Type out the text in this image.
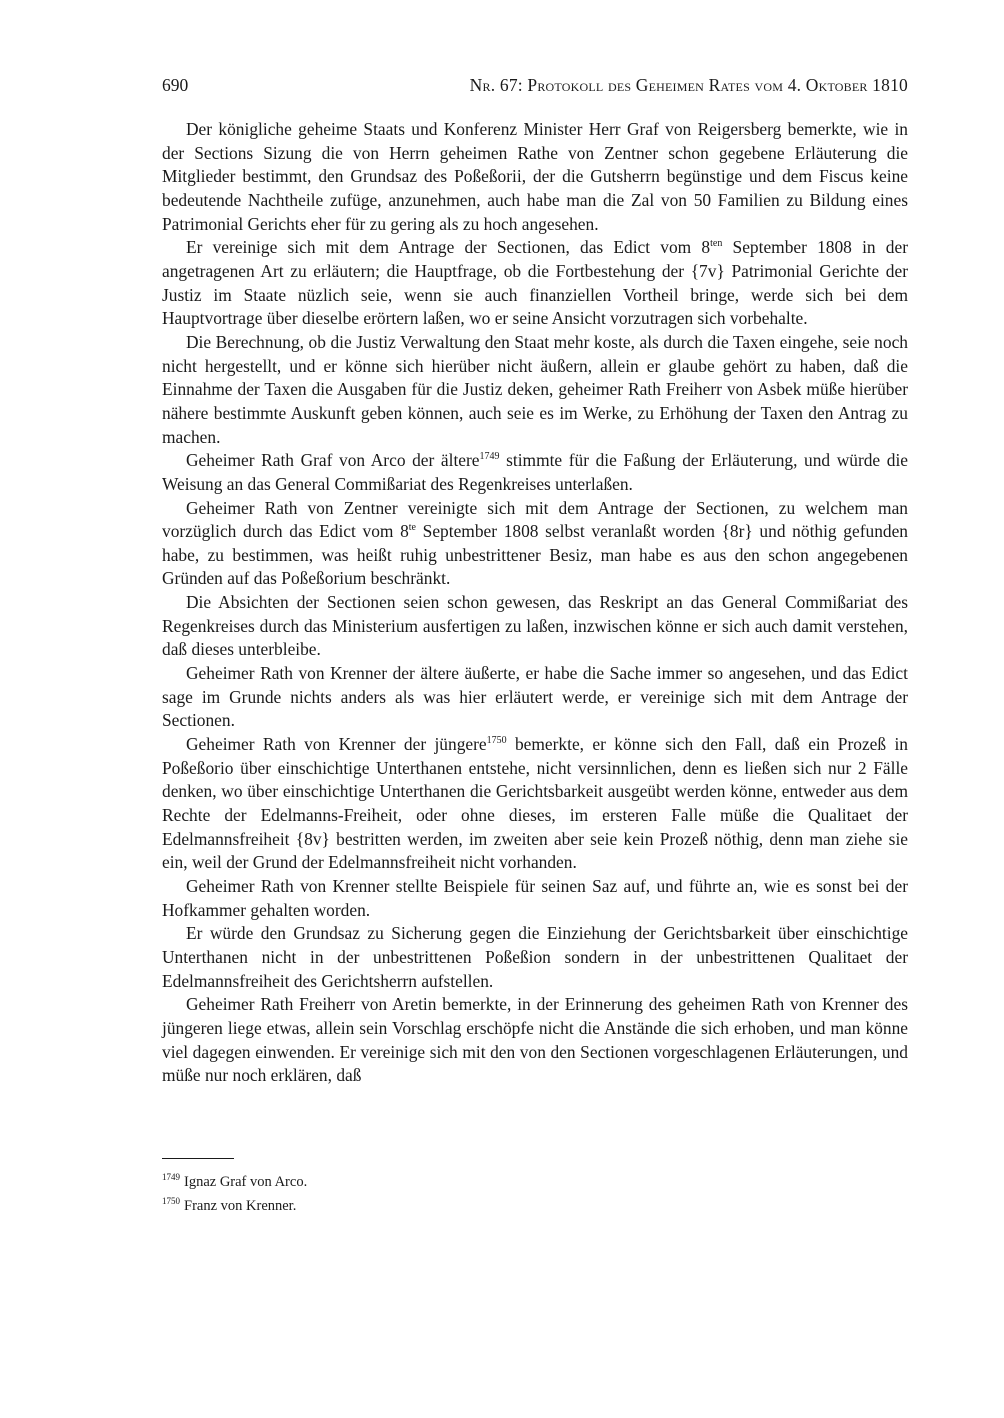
690	Nr. 67: Protokoll des Geheimen Rates vom 4. Oktober 1810

Der königliche geheime Staats und Konferenz Minister Herr Graf von Reigersberg bemerkte, wie in der Sections Sizung die von Herrn geheimen Rathe von Zentner schon gegebene Erläuterung die Mitglieder bestimmt, den Grundsaz des Poßeßorii, der die Gutsherrn begünstige und dem Fiscus keine bedeutende Nachtheile zufüge, anzunehmen, auch habe man die Zal von 50 Familien zu Bildung eines Patrimonial Gerichts eher für zu gering als zu hoch angesehen.

Er vereinige sich mit dem Antrage der Sectionen, das Edict vom $8^{ten}$ September 1808 in der angetragenen Art zu erläutern; die Hauptfrage, ob die Fortbestehung der {7v} Patrimonial Gerichte der Justiz im Staate nüzlich seie, wenn sie auch finanziellen Vortheil bringe, werde sich bei dem Hauptvortrage über dieselbe erörtern laßen, wo er seine Ansicht vorzutragen sich vorbehalte.

Die Berechnung, ob die Justiz Verwaltung den Staat mehr koste, als durch die Taxen eingehe, seie noch nicht hergestellt, und er könne sich hierüber nicht äußern, allein er glaube gehört zu haben, daß die Einnahme der Taxen die Ausgaben für die Justiz deken, geheimer Rath Freiherr von Asbek müße hierüber nähere bestimmte Auskunft geben können, auch seie es im Werke, zu Erhöhung der Taxen den Antrag zu machen.

Geheimer Rath Graf von Arco der ältere$^{1749}$ stimmte für die Faßung der Erläuterung, und würde die Weisung an das General Commißariat des Regenkreises unterlaßen.

Geheimer Rath von Zentner vereinigte sich mit dem Antrage der Sectionen, zu welchem man vorzüglich durch das Edict vom $8^{te}$ September 1808 selbst veranlaßt worden {8r} und nöthig gefunden habe, zu bestimmen, was heißt ruhig unbestrittener Besiz, man habe es aus den schon angegebenen Gründen auf das Poßeßorium beschränkt.

Die Absichten der Sectionen seien schon gewesen, das Reskript an das General Commißariat des Regenkreises durch das Ministerium ausfertigen zu laßen, inzwischen könne er sich auch damit verstehen, daß dieses unterbleibe.

Geheimer Rath von Krenner der ältere äußerte, er habe die Sache immer so angesehen, und das Edict sage im Grunde nichts anders als was hier erläutert werde, er vereinige sich mit dem Antrage der Sectionen.

Geheimer Rath von Krenner der jüngere$^{1750}$ bemerkte, er könne sich den Fall, daß ein Prozeß in Poßeßorio über einschichtige Unterthanen entstehe, nicht versinnlichen, denn es ließen sich nur 2 Fälle denken, wo über einschichtige Unterthanen die Gerichtsbarkeit ausgeübt werden könne, entweder aus dem Rechte der Edelmanns-Freiheit, oder ohne dieses, im ersteren Falle müße die Qualitaet der Edelmannsfreiheit {8v} bestritten werden, im zweiten aber seie kein Prozeß nöthig, denn man ziehe sie ein, weil der Grund der Edelmannsfreiheit nicht vorhanden.

Geheimer Rath von Krenner stellte Beispiele für seinen Saz auf, und führte an, wie es sonst bei der Hofkammer gehalten worden.

Er würde den Grundsaz zu Sicherung gegen die Einziehung der Gerichtsbarkeit über einschichtige Unterthanen nicht in der unbestrittenen Poßeßion sondern in der unbestrittenen Qualitaet der Edelmannsfreiheit des Gerichtsherrn aufstellen.

Geheimer Rath Freiherr von Aretin bemerkte, in der Erinnerung des geheimen Rath von Krenner des jüngeren liege etwas, allein sein Vorschlag erschöpfe nicht die Anstände die sich erhoben, und man könne viel dagegen einwenden. Er vereinige sich mit den von den Sectionen vorgeschlagenen Erläuterungen, und müße nur noch erklären, daß

$^{1749}$ Ignaz Graf von Arco.
$^{1750}$ Franz von Krenner.
